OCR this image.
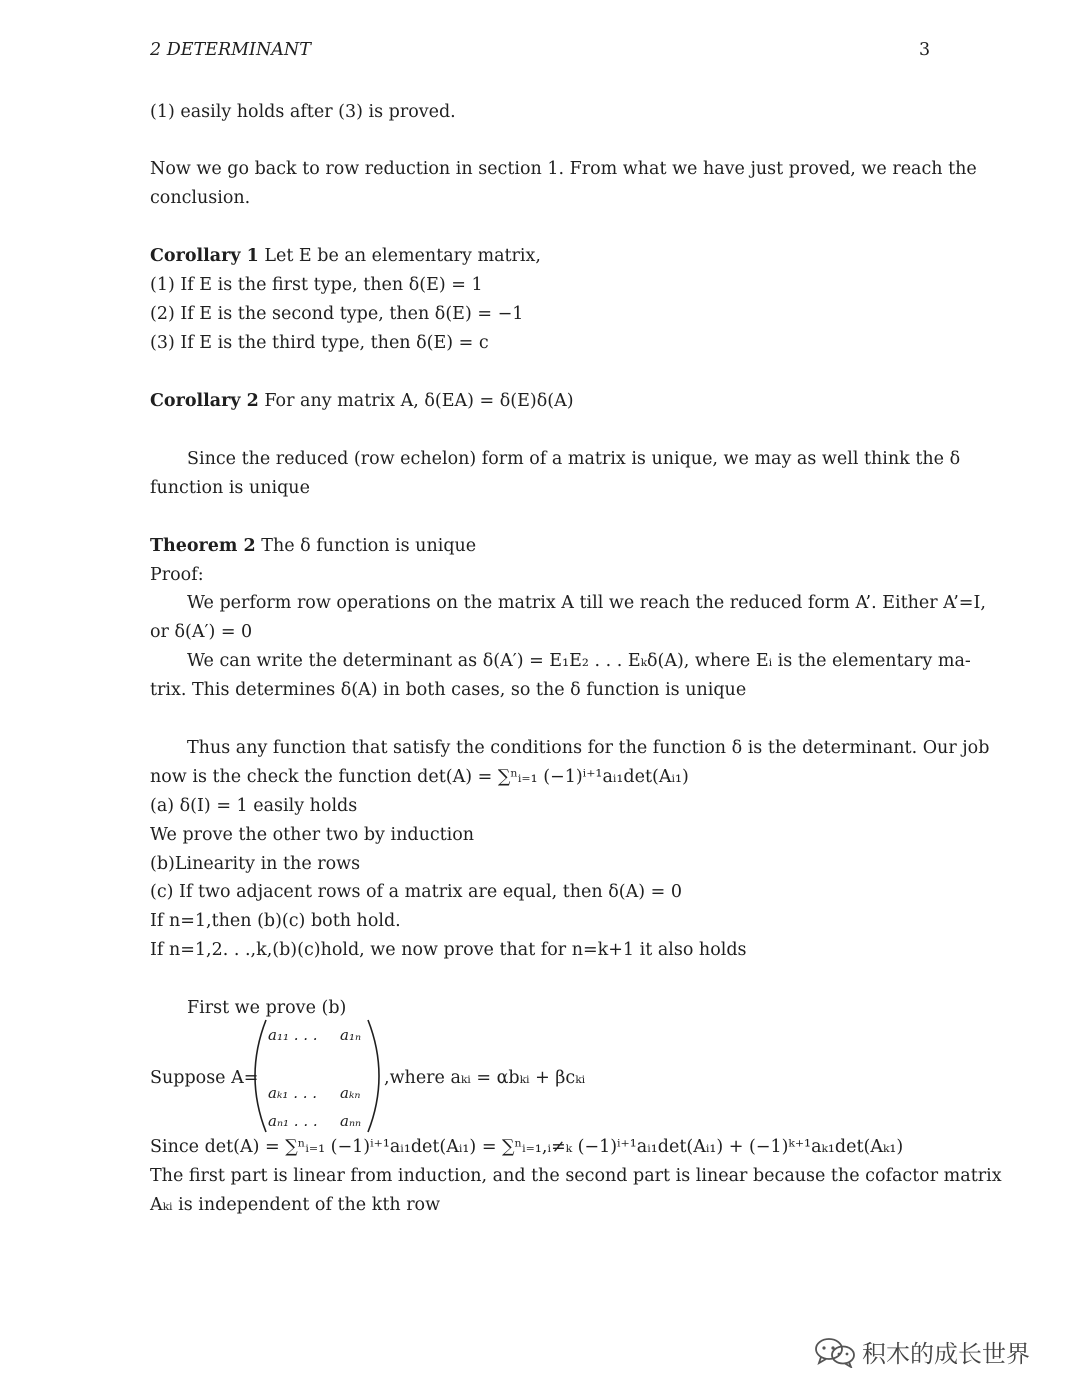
2 DETERMINANT	3
(1) easily holds after (3) is proved.
Now we go back to row reduction in section 1. From what we have just proved, we reach the
conclusion.
Corollary 1 Let E be an elementary matrix,
(1) If E is the first type, then δ(E) = 1
(2) If E is the second type, then δ(E) = −1
(3) If E is the third type, then δ(E) = c
Corollary 2 For any matrix A, δ(EA) = δ(E)δ(A)
Since the reduced (row echelon) form of a matrix is unique, we may as well think the δ
function is unique
Theorem 2 The δ function is unique
Proof:
We perform row operations on the matrix A till we reach the reduced form A’. Either A’=I,
or δ(A′) = 0
We can write the determinant as δ(A′) = E₁E₂ . . . Eₖδ(A), where Eᵢ is the elementary ma-
trix. This determines δ(A) in both cases, so the δ function is unique
Thus any function that satisfy the conditions for the function δ is the determinant. Our job
now is the check the function det(A) = ∑ⁿᵢ₌₁ (−1)ⁱ⁺¹aᵢ₁det(Aᵢ₁)
(a) δ(I) = 1 easily holds
We prove the other two by induction
(b)Linearity in the rows
(c) If two adjacent rows of a matrix are equal, then δ(A) = 0
If n=1,then (b)(c) both hold.
If n=1,2. . .,k,(b)(c)hold, we now prove that for n=k+1 it also holds
First we prove (b)
Suppose A=
a₁₁ . . . a₁ₙ
aₖ₁ . . . aₖₙ
aₙ₁ . . . aₙₙ
,where aₖᵢ = αbₖᵢ + βcₖᵢ
Since det(A) = ∑ⁿᵢ₌₁ (−1)ⁱ⁺¹aᵢ₁det(Aᵢ₁) = ∑ⁿᵢ₌₁,ᵢ≠ₖ (−1)ⁱ⁺¹aᵢ₁det(Aᵢ₁) + (−1)ᵏ⁺¹aₖ₁det(Aₖ₁)
The first part is linear from induction, and the second part is linear because the cofactor matrix
Aₖᵢ is independent of the kth row
积木的成长世界
